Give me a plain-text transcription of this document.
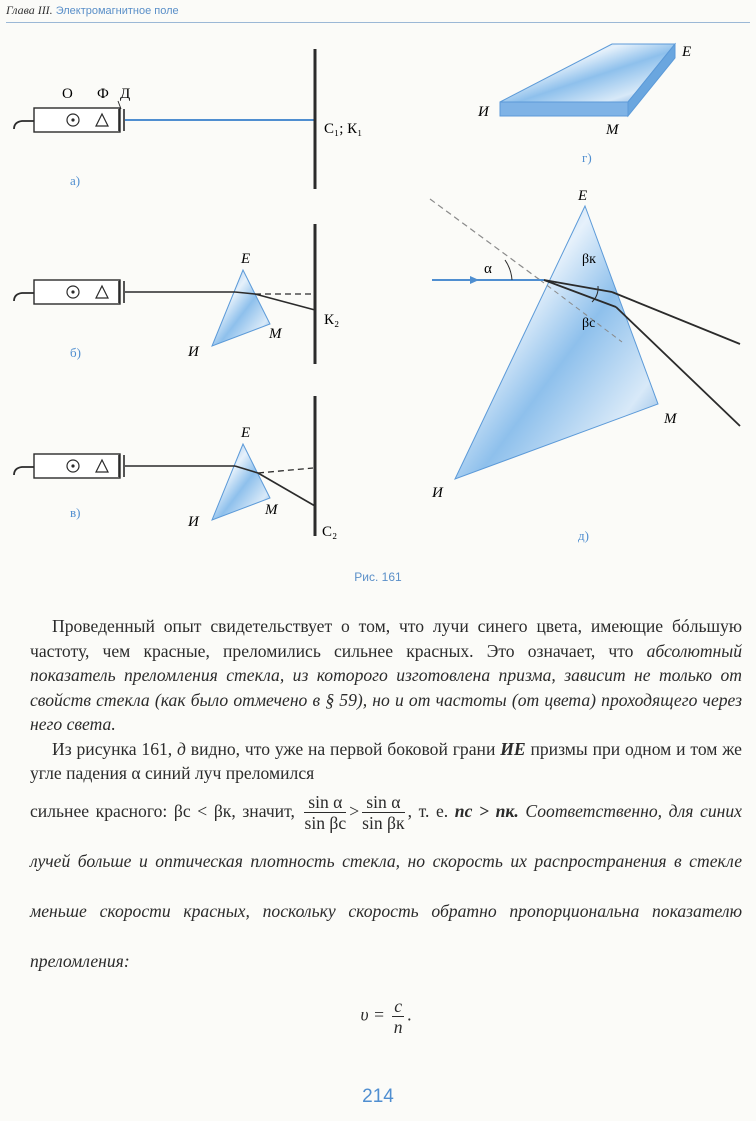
Глава III. Электромагнитное поле
О Ф Д
С₁; К₁
а)
Е
И
М
К₂
б)
Е
И
М
С₂
в)
Е
И
М
г)
Е
И
М
α
βк
βс
д)
Рис. 161

Проведенный опыт свидетельствует о том, что лучи синего цвета, имеющие бóльшую частоту, чем красные, преломились сильнее красных. Это означает, что абсолютный показатель преломления стекла, из которого изготовлена призма, зависит не только от свойств стекла (как было отмечено в § 59), но и от частоты (от цвета) проходящего через него света.

Из рисунка 161, д видно, что уже на первой боковой грани ИЕ призмы при одном и том же угле падения α синий луч преломился

сильнее красного: βс < βк, значит, $\frac{\text{sin α}}{\text{sin βс}} > \frac{\text{sin α}}{\text{sin βк}}$ , т. е. nс > nк. Соответственно, для синих лучей больше и оптическая плотность стекла, но скорость их распространения в стекле меньше скорости красных, поскольку скорость обратно пропорциональна показателю преломления:
$\upsilon = \frac{c}{n}$ .
214
